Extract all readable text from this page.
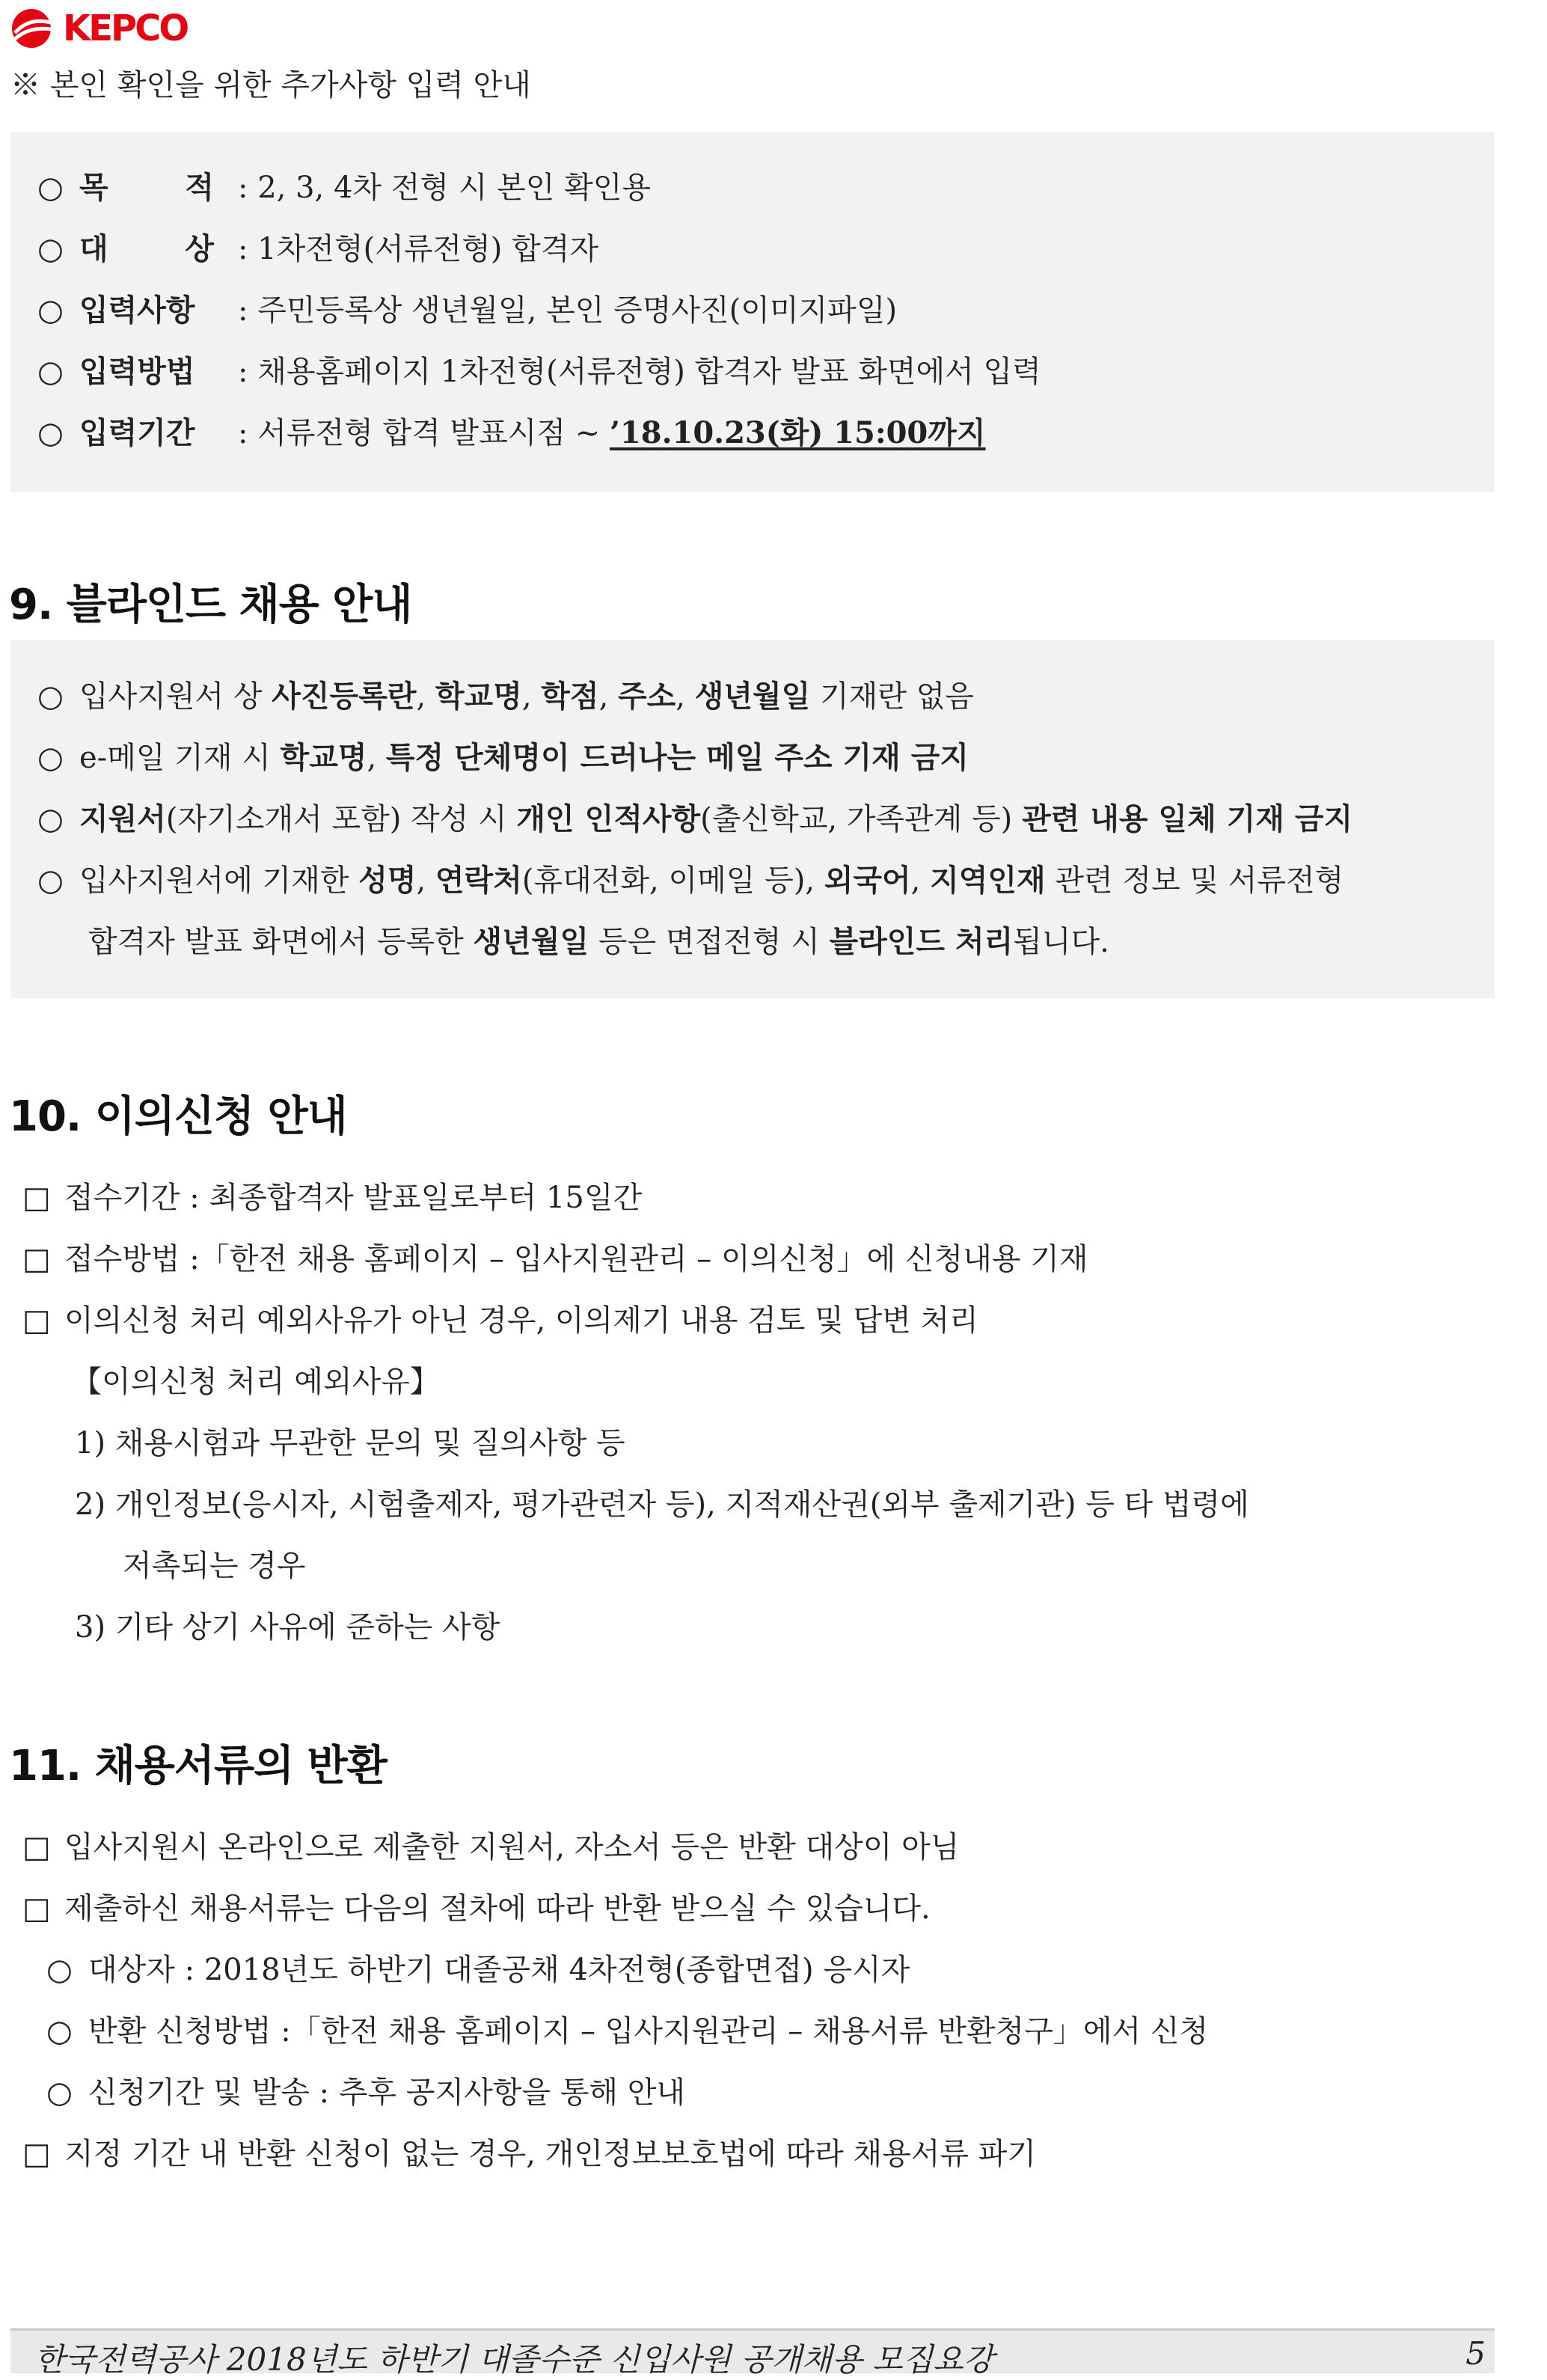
KEPCO
※ 본인 확인을 위한 추가사항 입력 안내
○ 목	적 : 2, 3, 4차 전형 시 본인 확인용
○ 대	상 : 1차전형(서류전형) 합격자
○ 입력사항 : 주민등록상 생년월일, 본인 증명사진(이미지파일)
○ 입력방법 : 채용홈페이지 1차전형(서류전형) 합격자 발표 화면에서 입력
○ 입력기간 : 서류전형 합격 발표시점 ~ ’18.10.23(화) 15:00까지
9. 블라인드 채용 안내
○ 입사지원서 상 사진등록란, 학교명, 학점, 주소, 생년월일 기재란 없음
○ e-메일 기재 시 학교명, 특정 단체명이 드러나는 메일 주소 기재 금지
○ 지원서(자기소개서 포함) 작성 시 개인 인적사항(출신학교, 가족관계 등) 관련 내용 일체 기재 금지
○ 입사지원서에 기재한 성명, 연락처(휴대전화, 이메일 등), 외국어, 지역인재 관련 정보 및 서류전형
합격자 발표 화면에서 등록한 생년월일 등은 면접전형 시 블라인드 처리됩니다.
10. 이의신청 안내
□ 접수기간 : 최종합격자 발표일로부터 15일간
□ 접수방법 :「한전 채용 홈페이지 – 입사지원관리 – 이의신청」에 신청내용 기재
□ 이의신청 처리 예외사유가 아닌 경우, 이의제기 내용 검토 및 답변 처리
【이의신청 처리 예외사유】
1) 채용시험과 무관한 문의 및 질의사항 등
2) 개인정보(응시자, 시험출제자, 평가관련자 등), 지적재산권(외부 출제기관) 등 타 법령에
저촉되는 경우
3) 기타 상기 사유에 준하는 사항
11. 채용서류의 반환
□ 입사지원시 온라인으로 제출한 지원서, 자소서 등은 반환 대상이 아님
□ 제출하신 채용서류는 다음의 절차에 따라 반환 받으실 수 있습니다.
○ 대상자 : 2018년도 하반기 대졸공채 4차전형(종합면접) 응시자
○ 반환 신청방법 :「한전 채용 홈페이지 – 입사지원관리 – 채용서류 반환청구」에서 신청
○ 신청기간 및 발송 : 추후 공지사항을 통해 안내
□ 지정 기간 내 반환 신청이 없는 경우, 개인정보보호법에 따라 채용서류 파기
한국전력공사 2018년도 하반기 대졸수준 신입사원 공개채용 모집요강	5
